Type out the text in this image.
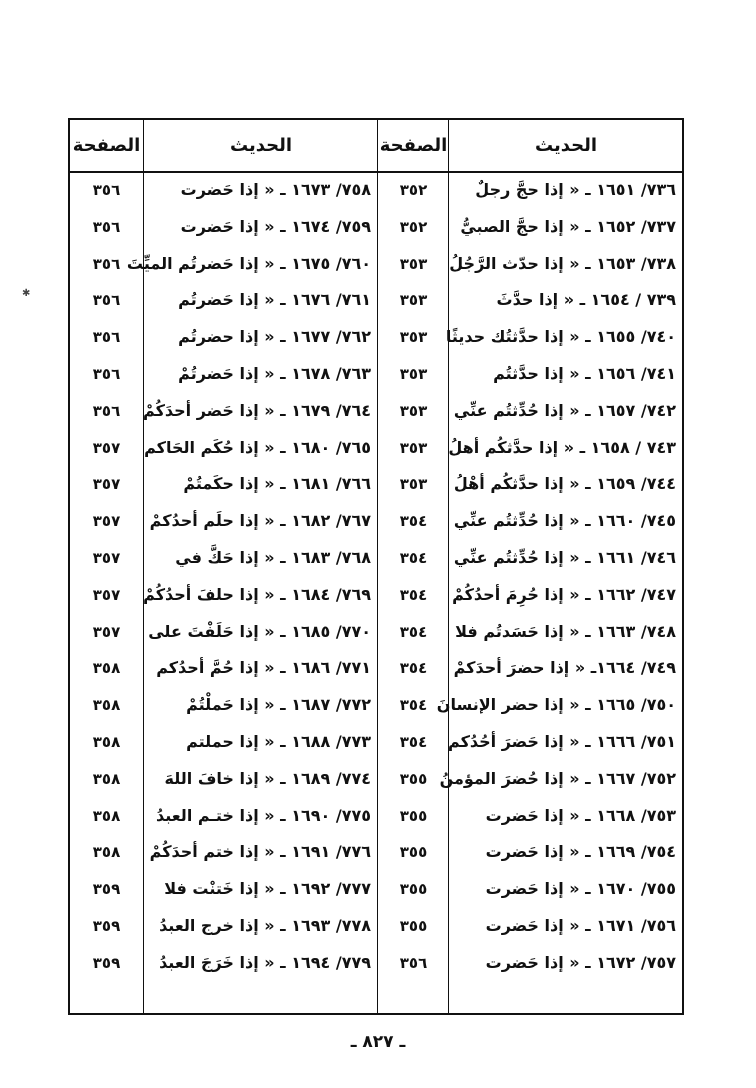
✱
الحديث
الصفحة
الحديث
الصفحة
٧٣٦/ ١٦٥١ ـ « إذا حجَّ رجلٌ
٣٥٢
٧٥٨/ ١٦٧٣ ـ « إذا حَضرت
٣٥٦
٧٣٧/ ١٦٥٢ ـ « إذا حجَّ الصبيُّ
٣٥٢
٧٥٩/ ١٦٧٤ ـ « إذا حَضرت
٣٥٦
٧٣٨/ ١٦٥٣ ـ « إذا حدّث الرَّجُلُ
٣٥٣
٧٦٠/ ١٦٧٥ ـ « إذا حَضرتُم الميِّتَ
٣٥٦
٧٣٩ / ١٦٥٤ ـ « إذا حدَّثَ
٣٥٣
٧٦١/ ١٦٧٦ ـ « إذا حَضرتُم
٣٥٦
٧٤٠/ ١٦٥٥ ـ « إذا حدَّثتُك حديثًا
٣٥٣
٧٦٢/ ١٦٧٧ ـ « إذا حضرتُم
٣٥٦
٧٤١/ ١٦٥٦ ـ « إذا حدَّثتُم
٣٥٣
٧٦٣/ ١٦٧٨ ـ « إذا حَضرتُمْ
٣٥٦
٧٤٢/ ١٦٥٧ ـ « إذا حُدِّثتُم عنِّي
٣٥٣
٧٦٤/ ١٦٧٩ ـ « إذا حَضر أحدَكُمْ
٣٥٦
٧٤٣ / ١٦٥٨ ـ « إذا حدَّثكُم أهلُ
٣٥٣
٧٦٥/ ١٦٨٠ ـ « إذا حُكَم الحَاكم
٣٥٧
٧٤٤/ ١٦٥٩ ـ « إذا حدَّثكُم أهْلُ
٣٥٣
٧٦٦/ ١٦٨١ ـ « إذا حكَمتُمْ
٣٥٧
٧٤٥/ ١٦٦٠ ـ « إذا حُدِّثتُم عنِّي
٣٥٤
٧٦٧/ ١٦٨٢ ـ « إذا حلَم أحدُكمْ
٣٥٧
٧٤٦/ ١٦٦١ ـ « إذا حُدِّثتُم عنِّي
٣٥٤
٧٦٨/ ١٦٨٣ ـ « إذا حَكَّ في
٣٥٧
٧٤٧/ ١٦٦٢ ـ « إذا حُرِمَ أحدُكُمْ
٣٥٤
٧٦٩/ ١٦٨٤ ـ « إذا حلفَ أحدُكُمْ
٣٥٧
٧٤٨/ ١٦٦٣ ـ « إذا حَسَدتُم فلا
٣٥٤
٧٧٠/ ١٦٨٥ ـ « إذا حَلَفْتَ على
٣٥٧
٧٤٩/ ١٦٦٤ـ « إذا حضرَ أحدَكمْ
٣٥٤
٧٧١/ ١٦٨٦ ـ « إذا حُمَّ أحدُكم
٣٥٨
٧٥٠/ ١٦٦٥ ـ « إذا حضر الإنسانَ
٣٥٤
٧٧٢/ ١٦٨٧ ـ « إذا حَملْتُمْ
٣٥٨
٧٥١/ ١٦٦٦ ـ « إذا حَضرَ أحُدُكم
٣٥٤
٧٧٣/ ١٦٨٨ ـ « إذا حملتم
٣٥٨
٧٥٢/ ١٦٦٧ ـ « إذا حُضرَ المؤمنُ
٣٥٥
٧٧٤/ ١٦٨٩ ـ « إذا خافَ اللهَ
٣٥٨
٧٥٣/ ١٦٦٨ ـ « إذا حَضرت
٣٥٥
٧٧٥/ ١٦٩٠ ـ « إذا ختـم العبدُ
٣٥٨
٧٥٤/ ١٦٦٩ ـ « إذا حَضرت
٣٥٥
٧٧٦/ ١٦٩١ ـ « إذا ختم أحدَكُمْ
٣٥٨
٧٥٥/ ١٦٧٠ ـ « إذا حَضرت
٣٥٥
٧٧٧/ ١٦٩٢ ـ « إذا خَتنْت فلا
٣٥٩
٧٥٦/ ١٦٧١ ـ « إذا حَضرت
٣٥٥
٧٧٨/ ١٦٩٣ ـ « إذا خرج العبدُ
٣٥٩
٧٥٧/ ١٦٧٢ ـ « إذا حَضرت
٣٥٦
٧٧٩/ ١٦٩٤ ـ « إذا خَرَجَ العبدُ
٣٥٩
ـ ٨٢٧ ـ
